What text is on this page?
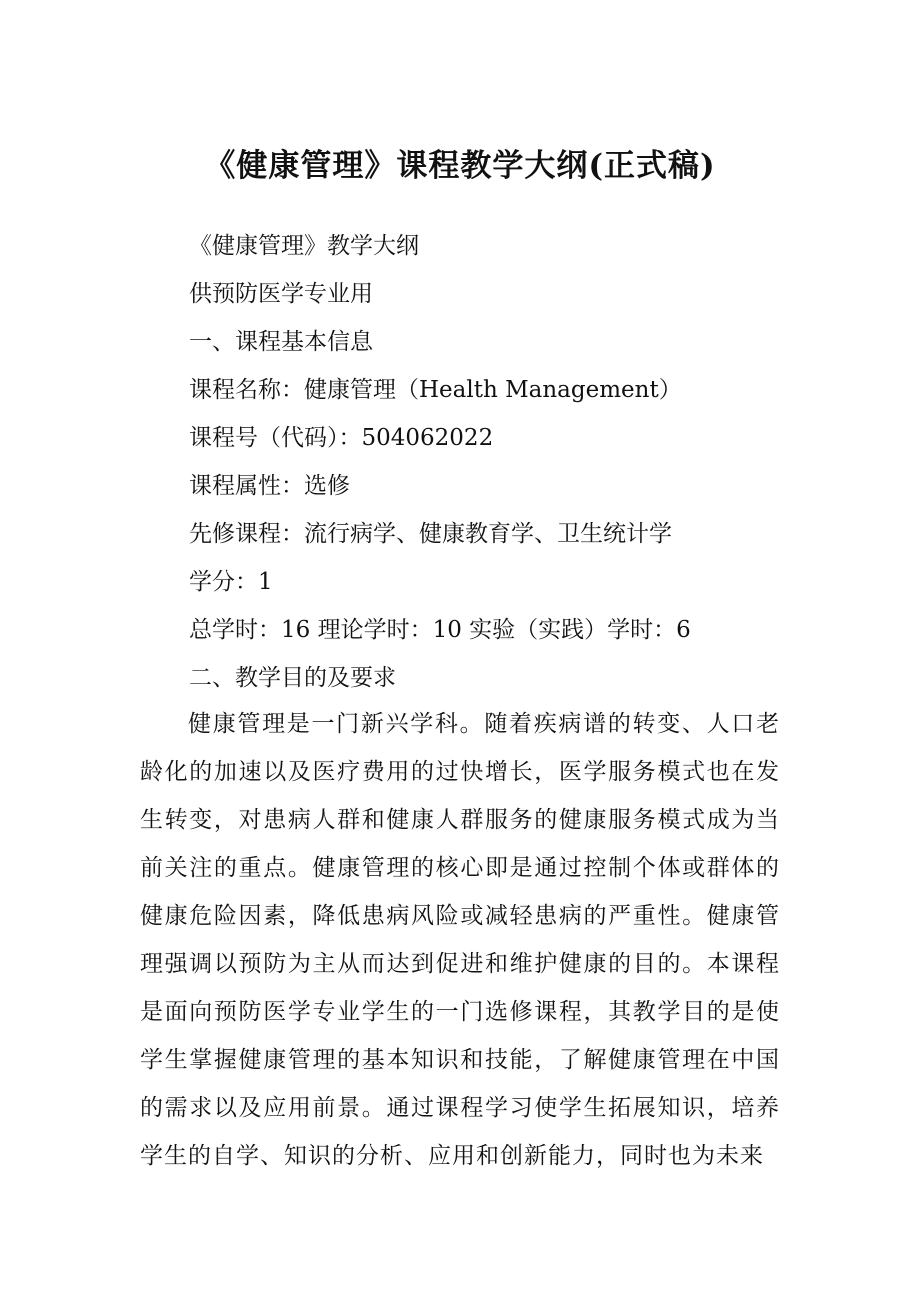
《健康管理》课程教学大纲(正式稿)
《健康管理》教学大纲
供预防医学专业用
一、课程基本信息
课程名称：健康管理（Health Management）
课程号（代码）：504062022
课程属性：选修
先修课程：流行病学、健康教育学、卫生统计学
学分：1
总学时：16 理论学时：10 实验（实践）学时：6
二、教学目的及要求

健康管理是一门新兴学科。随着疾病谱的转变、人口老龄化的加速以及医疗费用的过快增长，医学服务模式也在发生转变，对患病人群和健康人群服务的健康服务模式成为当前关注的重点。健康管理的核心即是通过控制个体或群体的健康危险因素，降低患病风险或减轻患病的严重性。健康管理强调以预防为主从而达到促进和维护健康的目的。本课程是面向预防医学专业学生的一门选修课程，其教学目的是使学生掌握健康管理的基本知识和技能，了解健康管理在中国的需求以及应用前景。通过课程学习使学生拓展知识，培养学生的自学、知识的分析、应用和创新能力，同时也为未来
